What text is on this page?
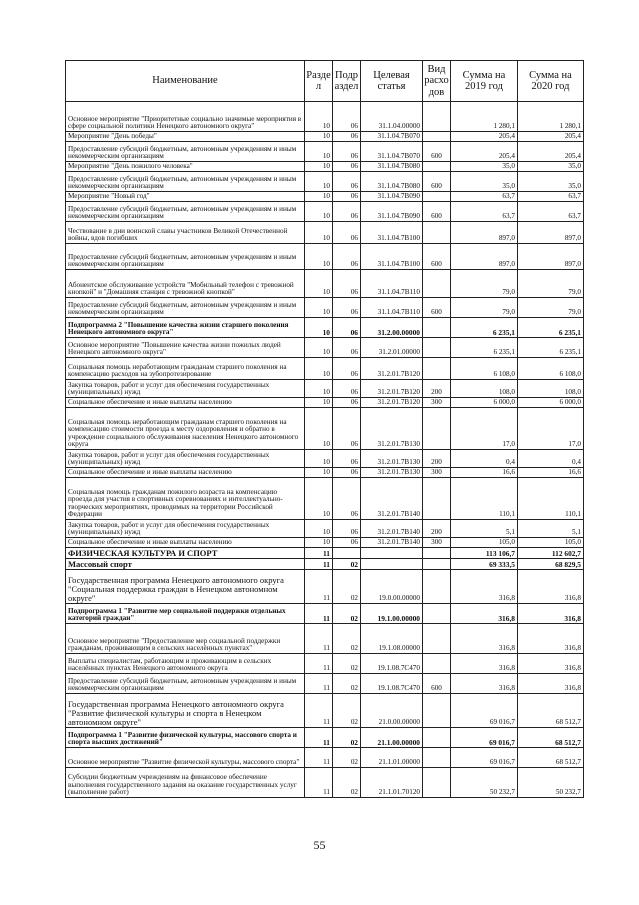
Наименование	Разде л	Подр аздел	Целевая статья	Вид расхо дов	Сумма на 2019 год	Сумма на 2020 год
Основное мероприятие "Приоритетные социально значимые мероприятия в сфере социальной политики Ненецкого автономного округа"	10	06	31.1.04.00000		1 280,1	1 280,1
Мероприятие "День победы"	10	06	31.1.04.7В070		205,4	205,4
Предоставление субсидий бюджетным, автономным учреждениям и иным некоммерческим организациям	10	06	31.1.04.7В070	600	205,4	205,4
Мероприятие "День пожилого человека"	10	06	31.1.04.7В080		35,0	35,0
Предоставление субсидий бюджетным, автономным учреждениям и иным некоммерческим организациям	10	06	31.1.04.7В080	600	35,0	35,0
Мероприятие "Новый год"	10	06	31.1.04.7В090		63,7	63,7
Предоставление субсидий бюджетным, автономным учреждениям и иным некоммерческим организациям	10	06	31.1.04.7В090	600	63,7	63,7
Чествование в дни воинской славы участников Великой Отечественной войны, вдов погибших	10	06	31.1.04.7В100		897,0	897,0
Предоставление субсидий бюджетным, автономным учреждениям и иным некоммерческим организациям	10	06	31.1.04.7В100	600	897,0	897,0
Абонентское обслуживание устройств "Мобильный телефон с тревожной кнопкой" и "Домашняя станция с тревожной кнопкой"	10	06	31.1.04.7В110		79,0	79,0
Предоставление субсидий бюджетным, автономным учреждениям и иным некоммерческим организациям	10	06	31.1.04.7В110	600	79,0	79,0
Подпрограмма 2 "Повышение качества жизни старшего поколения Ненецкого автономного округа"	10	06	31.2.00.00000		6 235,1	6 235,1
Основное мероприятие "Повышение качества жизни пожилых людей Ненецкого автономного округа"	10	06	31.2.01.00000		6 235,1	6 235,1
Социальная помощь неработающим гражданам старшего поколения на компенсацию расходов на зубопротезирование	10	06	31.2.01.7В120		6 108,0	6 108,0
Закупка товаров, работ и услуг для обеспечения государственных (муниципальных) нужд	10	06	31.2.01.7В120	200	108,0	108,0
Социальное обеспечение и иные выплаты населению	10	06	31.2.01.7В120	300	6 000,0	6 000,0
Социальная помощь неработающим гражданам старшего поколения на компенсацию стоимости проезда к месту оздоровления и обратно в учреждение социального обслуживания населения Ненецкого автономного округа	10	06	31.2.01.7В130		17,0	17,0
Закупка товаров, работ и услуг для обеспечения государственных (муниципальных) нужд	10	06	31.2.01.7В130	200	0,4	0,4
Социальное обеспечение и иные выплаты населению	10	06	31.2.01.7В130	300	16,6	16,6
Социальная помощь гражданам пожилого возраста на компенсацию проезда для участия в спортивных соревнованиях и интеллектуально-творческих мероприятиях, проводимых на территории Российской Федерации	10	06	31.2.01.7В140		110,1	110,1
Закупка товаров, работ и услуг для обеспечения государственных (муниципальных) нужд	10	06	31.2.01.7В140	200	5,1	5,1
Социальное обеспечение и иные выплаты населению	10	06	31.2.01.7В140	300	105,0	105,0
ФИЗИЧЕСКАЯ КУЛЬТУРА И СПОРТ	11				113 106,7	112 602,7
Массовый спорт	11	02			69 333,5	68 829,5
Государственная программа Ненецкого автономного округа "Социальная поддержка граждан в Ненецком автономном округе"	11	02	19.0.00.00000		316,8	316,8
Подпрограмма 1 "Развитие мер социальной поддержки отдельных категорий граждан"	11	02	19.1.00.00000		316,8	316,8
Основное мероприятие "Предоставление мер социальной поддержки гражданам, проживающим в сельских населённых пунктах"	11	02	19.1.08.00000		316,8	316,8
Выплаты специалистам, работающим и проживающим в сельских населённых пунктах Ненецкого автономного округа	11	02	19.1.08.7С470		316,8	316,8
Предоставление субсидий бюджетным, автономным учреждениям и иным некоммерческим организациям	11	02	19.1.08.7С470	600	316,8	316,8
Государственная программа Ненецкого автономного округа "Развитие физической культуры и спорта в Ненецком автономном округе"	11	02	21.0.00.00000		69 016,7	68 512,7
Подпрограмма 1 "Развитие физической культуры, массового спорта и спорта высших достижений"	11	02	21.1.00.00000		69 016,7	68 512,7
Основное мероприятие "Развитие физической культуры, массового спорта"	11	02	21.1.01.00000		69 016,7	68 512,7
Субсидии бюджетным учреждениям на финансовое обеспечение выполнения государственного задания на оказание государственных услуг (выполнение работ)	11	02	21.1.01.70120		50 232,7	50 232,7
55
